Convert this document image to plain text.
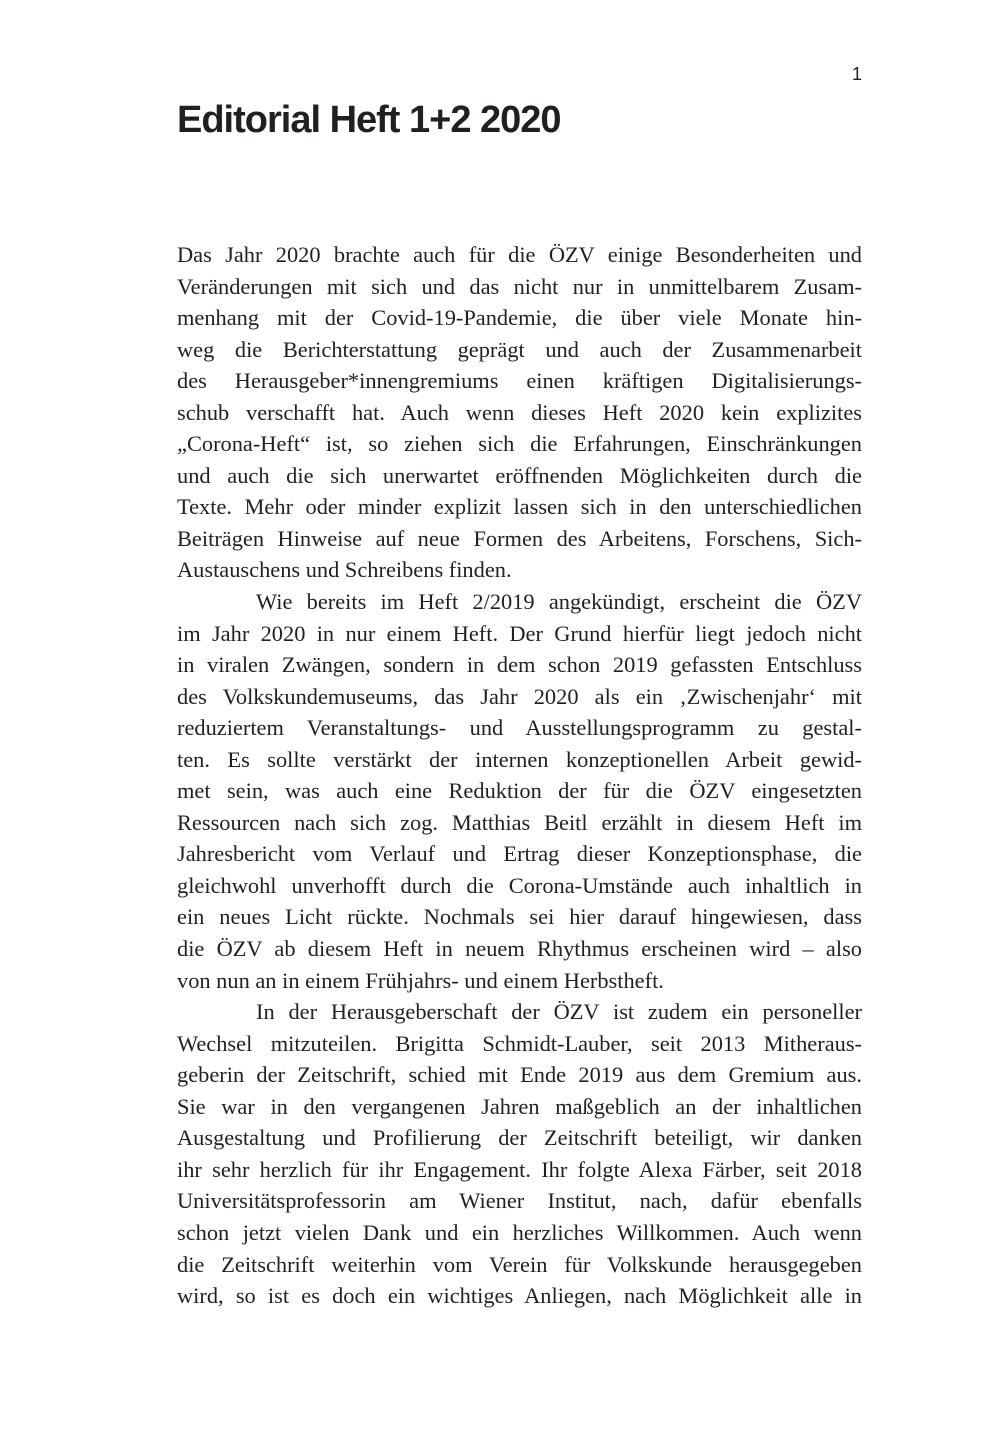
1
Editorial Heft 1+2 2020
Das Jahr 2020 brachte auch für die ÖZV einige Besonderheiten und
Veränderungen mit sich und das nicht nur in unmittelbarem Zusam-
menhang mit der Covid-19-Pandemie, die über viele Monate hin-
weg die Berichterstattung geprägt und auch der Zusammenarbeit
des Herausgeber*innengremiums einen kräftigen Digitalisierungs-
schub verschafft hat. Auch wenn dieses Heft 2020 kein explizites
„Corona-Heft“ ist, so ziehen sich die Erfahrungen, Einschränkungen
und auch die sich unerwartet eröffnenden Möglichkeiten durch die
Texte. Mehr oder minder explizit lassen sich in den unterschiedlichen
Beiträgen Hinweise auf neue Formen des Arbeitens, Forschens, Sich-
Austauschens und Schreibens finden.
Wie bereits im Heft 2/2019 angekündigt, erscheint die ÖZV
im Jahr 2020 in nur einem Heft. Der Grund hierfür liegt jedoch nicht
in viralen Zwängen, sondern in dem schon 2019 gefassten Entschluss
des Volkskundemuseums, das Jahr 2020 als ein ‚Zwischenjahr‘ mit
reduziertem Veranstaltungs- und Ausstellungsprogramm zu gestal-
ten. Es sollte verstärkt der internen konzeptionellen Arbeit gewid-
met sein, was auch eine Reduktion der für die ÖZV eingesetzten
Ressourcen nach sich zog. Matthias Beitl erzählt in diesem Heft im
Jahresbericht vom Verlauf und Ertrag dieser Konzeptionsphase, die
gleichwohl unverhofft durch die Corona-Umstände auch inhaltlich in
ein neues Licht rückte. Nochmals sei hier darauf hingewiesen, dass
die ÖZV ab diesem Heft in neuem Rhythmus erscheinen wird – also
von nun an in einem Frühjahrs- und einem Herbstheft.
In der Herausgeberschaft der ÖZV ist zudem ein personeller
Wechsel mitzuteilen. Brigitta Schmidt-Lauber, seit 2013 Mitheraus-
geberin der Zeitschrift, schied mit Ende 2019 aus dem Gremium aus.
Sie war in den vergangenen Jahren maßgeblich an der inhaltlichen
Ausgestaltung und Profilierung der Zeitschrift beteiligt, wir danken
ihr sehr herzlich für ihr Engagement. Ihr folgte Alexa Färber, seit 2018
Universitätsprofessorin am Wiener Institut, nach, dafür ebenfalls
schon jetzt vielen Dank und ein herzliches Willkommen. Auch wenn
die Zeitschrift weiterhin vom Verein für Volkskunde herausgegeben
wird, so ist es doch ein wichtiges Anliegen, nach Möglichkeit alle in
